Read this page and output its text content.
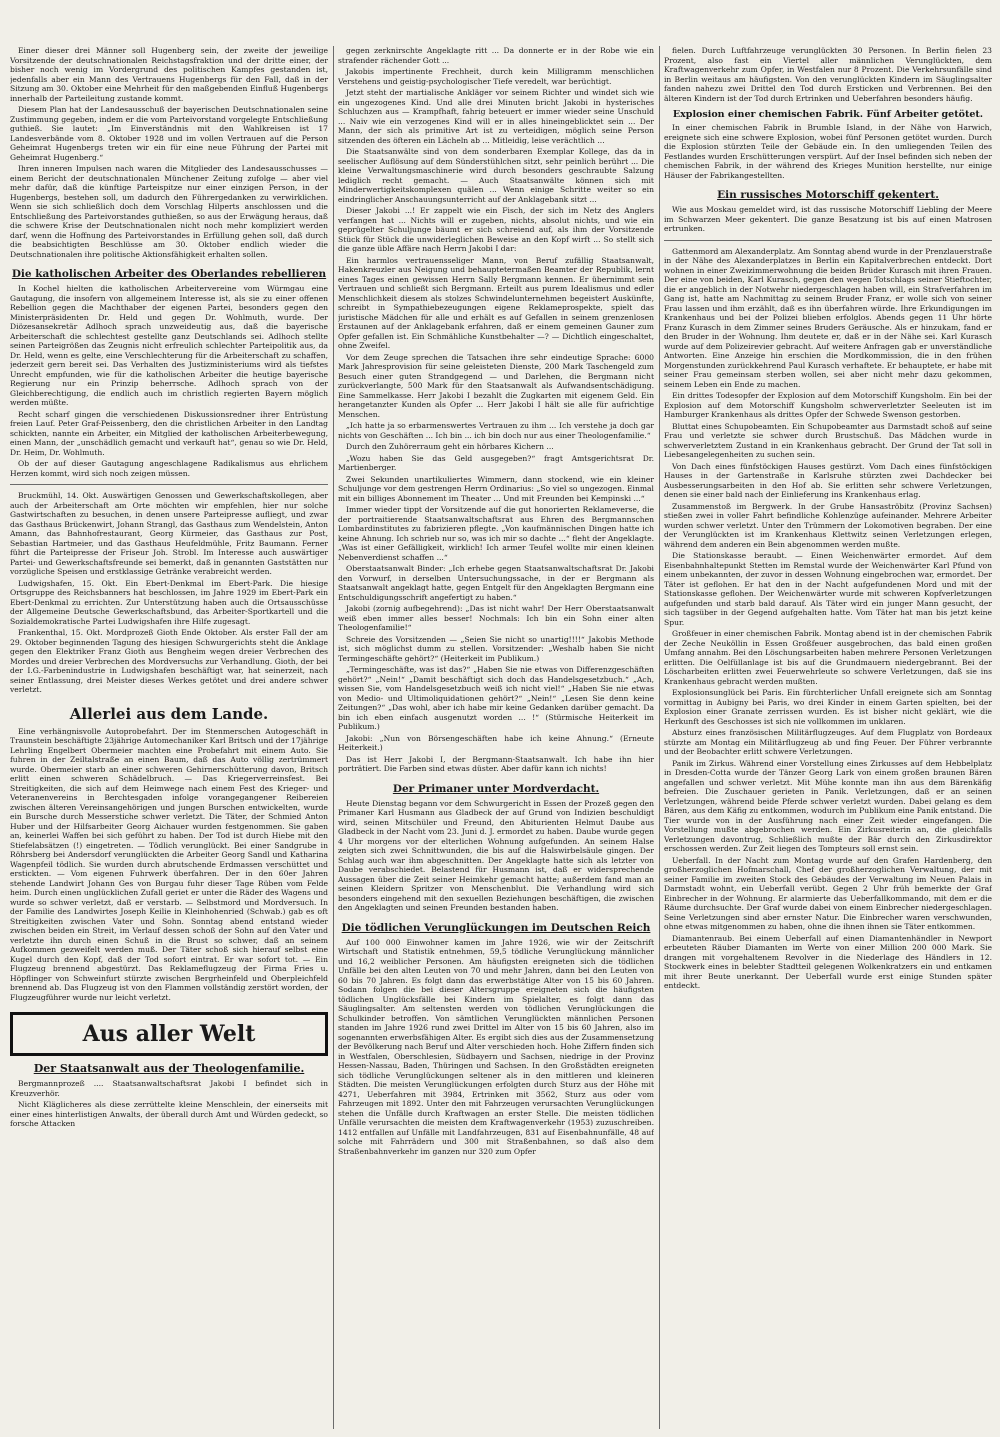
Einer dieser drei Männer soll Hugenberg sein, der zweite der jeweilige Vorsitzende der deutschnationalen Reichstagsfraktion und der dritte einer, der bisher noch wenig im Vordergrund des politischen Kampfes gestanden ist, jedenfalls aber ein Mann des Vertrauens Hugenbergs für den Fall, daß in der Sitzung am 30. Oktober eine Mehrheit für den maßgebenden Einfluß Hugenbergs innerhalb der Parteileitung zustande kommt.

Diesem Plan hat der Landesausschuß der bayerischen Deutschnationalen seine Zustimmung gegeben, indem er die vom Parteivorstand vorgelegte Entschließung guthieß. Sie lautet: „Im Einverständnis mit den Wahlkreisen ist 17 Landesverbände vom 8. Oktober 1928 und im vollen Vertrauen auf die Person Geheimrat Hugenbergs treten wir ein für eine neue Führung der Partei mit Geheimrat Hugenberg.“

Ihren inneren Impulsen nach waren die Mitglieder des Landesausschusses — einem Bericht der deutschnationalen Münchener Zeitung zufolge — aber viel mehr dafür, daß die künftige Parteispitze nur einer einzigen Person, in der Hugenbergs, bestehen soll, um dadurch den Führergedanken zu verwirklichen. Wenn sie sich schließlich doch dem Vorschlag Hilperts anschlossen und die Entschließung des Parteivorstandes guthießen, so aus der Erwägung heraus, daß die schwere Krise der Deutschnationalen nicht noch mehr kompliziert werden darf, wenn die Hoffnung des Parteivorstandes in Erfüllung gehen soll, daß durch die beabsichtigten Beschlüsse am 30. Oktober endlich wieder die Deutschnationalen ihre politische Aktionsfähigkeit erhalten sollen.

Die katholischen Arbeiter des Oberlandes rebellieren

In Kochel hielten die katholischen Arbeitervereine vom Würmgau eine Gautagung, die insofern von allgemeinem Interesse ist, als sie zu einer offenen Rebellion gegen die Machthaber der eigenen Partei, besonders gegen den Ministerpräsidenten Dr. Held und gegen Dr. Wohlmuth, wurde. Der Diözesansekretär Adlhoch sprach unzweideutig aus, daß die bayerische Arbeiterschaft die schlechtest gestellte ganz Deutschlands sei. Adlhoch stellte seinen Parteigrößen das Zeugnis nicht erfreulich schlechter Parteipolitik aus, da Dr. Held, wenn es gelte, eine Verschlechterung für die Arbeiterschaft zu schaffen, jederzeit gern bereit sei. Das Verhalten des Justizministeriums wird als tiefstes Unrecht empfunden, wie für die katholischen Arbeiter die heutige bayerische Regierung nur ein Prinzip beherrsche. Adlhoch sprach von der Gleichberechtigung, die endlich auch im christlich regierten Bayern möglich werden müßte.

Recht scharf gingen die verschiedenen Diskussionsredner ihrer Entrüstung freien Lauf. Peter Graf-Peissenberg, den die christlichen Arbeiter in den Landtag schickten, nannte ein Arbeiter, ein Mitglied der katholischen Arbeiterbewegung, einen Mann, der „unschädlich gemacht und verkauft hat“, genau so wie Dr. Held, Dr. Heim, Dr. Wohlmuth.

Ob der auf dieser Gautagung angeschlagene Radikalismus aus ehrlichem Herzen kommt, wird sich noch zeigen müssen.

Bruckmühl, 14. Okt. Auswärtigen Genossen und Gewerkschaftskollegen, aber auch der Arbeiterschaft am Orte möchten wir empfehlen, hier nur solche Gastwirtschaften zu besuchen, in denen unsere Parteipresse aufliegt, und zwar das Gasthaus Brückenwirt, Johann Strangl, das Gasthaus zum Wendelstein, Anton Amann, das Bahnhofrestaurant, Georg Kürmeier, das Gasthaus zur Post, Sebastian Hartmeier, und das Gasthaus Heufeldmühle, Fritz Baumann. Ferner führt die Parteipresse der Friseur Joh. Strobl. Im Interesse auch auswärtiger Partei- und Gewerkschaftsfreunde sei bemerkt, daß in genannten Gaststätten nur vorzügliche Speisen und erstklassige Getränke verabreicht werden.

Ludwigshafen, 15. Okt. Ein Ebert-Denkmal im Ebert-Park. Die hiesige Ortsgruppe des Reichsbanners hat beschlossen, im Jahre 1929 im Ebert-Park ein Ebert-Denkmal zu errichten. Zur Unterstützung haben auch die Ortsausschüsse der Allgemeine Deutsche Gewerkschaftsbund, das Arbeiter-Sportkartell und die Sozialdemokratische Partei Ludwigshafen ihre Hilfe zugesagt.

Frankenthal, 15. Okt. Mordprozeß Gioth Ende Oktober. Als erster Fall der am 29. Oktober beginnenden Tagung des hiesigen Schwurgerichts steht die Anklage gegen den Elektriker Franz Gioth aus Bengheim wegen dreier Verbrechen des Mordes und dreier Verbrechen des Mordversuchs zur Verhandlung. Gioth, der bei der I.G.-Farbenindustrie in Ludwigshafen beschäftigt war, hat seinerzeit, nach seiner Entlassung, drei Meister dieses Werkes getötet und drei andere schwer verletzt.

Allerlei aus dem Lande.

Eine verhängnisvolle Autoprobefahrt. Der im Stenmerschen Autogeschäft in Traunstein beschäftigte 23jährige Automechaniker Karl Britsch und der 17jährige Lehrling Engelbert Obermeier machten eine Probefahrt mit einem Auto. Sie fuhren in der Zeiltalstraße an einen Baum, daß das Auto völlig zertrümmert wurde. Obermeier starb an einer schweren Gehirnerschütterung davon, Britsch erlitt einen schweren Schädelbruch. — Das Kriegerverreinsfest. Bei Streitigkeiten, die sich auf dem Heimwege nach einem Fest des Krieger- und Veteranenvereins in Berchtesgaden infolge vorangegangener Reibereien zwischen älteren Vereinsangehörigen und jungen Burschen entwickelten, wurde ein Bursche durch Messerstiche schwer verletzt. Die Täter, der Schmied Anton Huber und der Hilfsarbeiter Georg Aichauer wurden festgenommen. Sie gaben an, keinerlei Waffen bei sich geführt zu haben. Der Tod ist durch Hiebe mit den Stiefelabsätzen (!) eingetreten. — Tödlich verunglückt. Bei einer Sandgrube in Röhrsberg bei Andersdorf verunglückten die Arbeiter Georg Sandl und Katharina Wagenpfeil tödlich. Sie wurden durch abrutschende Erdmassen verschüttet und erstickten. — Vom eigenen Fuhrwerk überfahren. Der in den 60er Jahren stehende Landwirt Johann Ges von Burgau fuhr dieser Tage Rüben vom Felde heim. Durch einen unglücklichen Zufall geriet er unter die Räder des Wagens und wurde so schwer verletzt, daß er verstarb. — Selbstmord und Mordversuch. In der Familie des Landwirtes Joseph Keilie in Kleinhohenried (Schwab.) gab es oft Streitigkeiten zwischen Vater und Sohn. Sonntag abend entstand wieder zwischen beiden ein Streit, im Verlauf dessen schoß der Sohn auf den Vater und verletzte ihn durch einen Schuß in die Brust so schwer, daß an seinem Aufkommen gezweifelt werden muß. Der Täter schoß sich hierauf selbst eine Kugel durch den Kopf, daß der Tod sofort eintrat. Er war sofort tot. — Ein Flugzeug brennend abgestürzt. Das Reklameflugzeug der Firma Fries u. Höpflinger von Schweinfurt stürzte zwischen Bergrheinfeld und Oberpleichfeld brennend ab. Das Flugzeug ist von den Flammen vollständig zerstört worden, der Flugzeugführer wurde nur leicht verletzt.

Aus aller Welt
Der Staatsanwalt aus der Theologenfamilie.

Bergmannprozeß .... Staatsanwaltschaftsrat Jakobi I befindet sich in Kreuzverhör.

Nicht Kläglicheres als diese zerrüttelte kleine Menschlein, der einerseits mit einer eines hinterlistigen Anwalts, der überall durch Amt und Würden gedeckt, so forsche Attacken

gegen zerknirschte Angeklagte ritt ... Da donnerte er in der Robe wie ein strafender rächender Gott ...

Jakobis impertinente Frechheit, durch kein Milligramm menschlichen Verstehens und geistig-psychologischer Tiefe veredelt, war berüchtigt.

Jetzt steht der martialische Ankläger vor seinem Richter und windet sich wie ein ungezogenes Kind. Und alle drei Minuten bricht Jakobi in hysterisches Schluchzen aus — Krampfhaft, fahrig beteuert er immer wieder seine Unschuld ... Naiv wie ein verzogenes Kind will er in alles hineingeblicktet sein ... Der Mann, der sich als primitive Art ist zu verteidigen, möglich seine Person sitzenden des öfteren ein Lächeln ab ... Mitleidig, leise verächtlich ...

Die Staatsanwälte sind von dem sonderbaren Exemplar Kollege, das da in seelischer Auflösung auf dem Sünderstühlchen sitzt, sehr peinlich berührt ... Die kleine Verwaltungsmaschinerie wird durch besonders geschraubte Salzung lediglich recht gemacht. — Auch Staatsanwälte können sich mit Minderwertigkeitskomplexen quälen ... Wenn einige Schritte weiter so ein eindringlicher Anschauungsunterricht auf der Anklagebank sitzt ...

Dieser Jakobi ...! Er zappelt wie ein Fisch, der sich im Netz des Anglers verfangen hat ... Nichts will er zugeben, nichts, absolut nichts, und wie ein geprügelter Schuljunge bäumt er sich schreiend auf, als ihm der Vorsitzende Stück für Stück die unwiderleglichen Beweise an den Kopf wirft ... So stellt sich die ganze üble Affäre nach Herrn Jakobi I dar:

Ein harmlos vertrauensseliger Mann, von Beruf zufällig Staatsanwalt, Hakenkreuzler aus Neigung und behauptetermaßen Beamter der Republik, lernt eines Tages einen gewissen Herrn Sally Bergmann kennen. Er übernimmt sein Vertrauen und schließt sich Bergmann. Erteilt aus purem Idealismus und edler Menschlichkeit diesem als stolzes Schwindelunternehmen begeistert Auskünfte, schreibt in Sympathiebezeugungen eigene Reklameprospekte, spielt das juristische Mädchen für alle und erhält es auf Gefallen in seinem grenzenlosen Erstaunen auf der Anklagebank erfahren, daß er einem gemeinen Gauner zum Opfer gefallen ist. Ein Schmähliche Kunstbehalter —? — Dichtlich eingeschaltet, ohne Zweifel.

Vor dem Zeuge sprechen die Tatsachen ihre sehr eindeutige Sprache: 6000 Mark Jahresprovision für seine geleisteten Dienste, 200 Mark Taschengeld zum Besuch einer guten Strandgegend — und Darlehen, die Bergmann nicht zurückverlangte, 500 Mark für den Staatsanwalt als Aufwandsentschädigung. Eine Sammelkasse. Herr Jakobi I bezahlt die Zugkarten mit eigenem Geld. Ein herangetanzter Kunden als Opfer ... Herr Jakobi I hält sie alle für aufrichtige Menschen.

„Ich hatte ja so erbarmenswertes Vertrauen zu ihm ... Ich verstehe ja doch gar nichts von Geschäften ... Ich bin ... ich bin doch nur aus einer Theologenfamilie.“

Durch den Zuhörerraum geht ein hörbares Kichern ...

„Wozu haben Sie das Geld ausgegeben?“ fragt Amtsgerichtsrat Dr. Martienberger.

Zwei Sekunden unartikuliertes Wimmern, dann stockend, wie ein kleiner Schuljunge vor dem gestrengen Herrn Ordinarius: „So viel so ungezogen. Einmal mit ein billiges Abonnement im Theater ... Und mit Freunden bei Kempinski ...“

Immer wieder tippt der Vorsitzende auf die gut honorierten Reklameverse, die der portraitierende Staatsanwaltschaftsrat aus Ehren des Bergmannschen Lombardinstitutes zu fabrizieren pflegte. „Von kaufmännischen Dingen hatte ich keine Ahnung. Ich schrieb nur so, was ich mir so dachte ...“ fleht der Angeklagte. „Was ist einer Gefälligkeit, wirklich! Ich armer Teufel wollte mir einen kleinen Nebenverdienst schaffen ...“

Oberstaatsanwalt Binder: „Ich erhebe gegen Staatsanwaltschaftsrat Dr. Jakobi den Vorwurf, in derselben Untersuchungssache, in der er Bergmann als Staatsanwalt angeklagt hatte, gegen Entgelt für den Angeklagten Bergmann eine Entschuldigungsschrift angefertigt zu haben.“

Jakobi (zornig aufbegehrend): „Das ist nicht wahr! Der Herr Oberstaatsanwalt weiß eben immer alles besser! Nochmals: Ich bin ein Sohn einer alten Theologenfamilie!“

Schreie des Vorsitzenden — „Seien Sie nicht so unartig!!!!“ Jakobis Methode ist, sich möglichst dumm zu stellen. Vorsitzender: „Weshalb haben Sie nicht Termingeschäfte gehört?“ (Heiterkeit im Publikum.)

„Termingeschäfte, was ist das?“ „Haben Sie nie etwas von Differenzgeschäften gehört?“ „Nein!“ „Damit beschäftigt sich doch das Handelsgesetzbuch.“ „Ach, wissen Sie, vom Handelsgesetzbuch weiß ich nicht viel!“ „Haben Sie nie etwas von Medio- und Ultimoliquidationen gehört?“ „Nein!“ „Lesen Sie denn keine Zeitungen?“ „Das wohl, aber ich habe mir keine Gedanken darüber gemacht. Da bin ich eben einfach ausgenutzt worden ... !“ (Stürmische Heiterkeit im Publikum.)

Jakobi: „Nun von Börsengeschäften habe ich keine Ahnung.“ (Erneute Heiterkeit.)

Das ist Herr Jakobi I, der Bergmann-Staatsanwalt. Ich habe ihn hier porträtiert. Die Farben sind etwas düster. Aber dafür kann ich nichts!

Der Primaner unter Mordverdacht.

Heute Dienstag begann vor dem Schwurgericht in Essen der Prozeß gegen den Primaner Karl Husmann aus Gladbeck der auf Grund von Indizien beschuldigt wird, seinen Mitschüler und Freund, den Abiturienten Helmut Daube aus Gladbeck in der Nacht vom 23. Juni d. J. ermordet zu haben. Daube wurde gegen 4 Uhr morgens vor der elterlichen Wohnung aufgefunden. An seinem Halse zeigten sich zwei Schnittwunden, die bis auf die Halswirbelsäule gingen. Der Schlag auch war ihm abgeschnitten. Der Angeklagte hatte sich als letzter von Daube verabschiedet. Belastend für Husmann ist, daß er widersprechende Aussagen über die Zeit seiner Heimkehr gemacht hatte; außerdem fand man an seinen Kleidern Spritzer von Menschenblut. Die Verhandlung wird sich besonders eingehend mit den sexuellen Beziehungen beschäftigen, die zwischen den Angeklagten und seinen Freunden bestanden haben.

Die tödlichen Verunglückungen im Deutschen Reich

Auf 100 000 Einwohner kamen im Jahre 1926, wie wir der Zeitschrift Wirtschaft und Statistik entnehmen, 59,5 tödliche Verunglückung männlicher und 16,2 weiblicher Personen. Am häufigsten ereigneten sich die tödlichen Unfälle bei den alten Leuten von 70 und mehr Jahren, dann bei den Leuten von 60 bis 70 Jahren. Es folgt dann das erwerbstätige Alter von 15 bis 60 Jahren. Sodann folgen die bei dieser Altersgruppe ereigneten sich die häufigsten tödlichen Unglücksfälle bei Kindern im Spielalter, es folgt dann das Säuglingsalter. Am seltensten werden von tödlichen Verunglückungen die Schulkinder betroffen. Von sämtlichen Verunglückten männlichen Personen standen im Jahre 1926 rund zwei Drittel im Alter von 15 bis 60 Jahren, also im sogenannten erwerbsfähigen Alter. Es ergibt sich dies aus der Zusammensetzung der Bevölkerung nach Beruf und Alter verschieden hoch. Hohe Ziffern finden sich in Westfalen, Oberschlesien, Südbayern und Sachsen, niedrige in der Provinz Hessen-Nassau, Baden, Thüringen und Sachsen. In den Großstädten ereigneten sich tödliche Verunglückungen seltener als in den mittleren und kleineren Städten. Die meisten Verunglückungen erfolgten durch Sturz aus der Höhe mit 4271, Ueberfahren mit 3984, Ertrinken mit 3562, Sturz aus oder vom Fahrzeugen mit 1892. Unter den mit Fahrzeugen verursachten Verunglückungen stehen die Unfälle durch Kraftwagen an erster Stelle. Die meisten tödlichen Unfälle verursachten die meisten dem Kraftwagenverkehr (1953) zuzuschreiben. 1412 entfallen auf Unfälle mit Landfahrzeugen, 831 auf Eisenbahnunfälle, 48 auf solche mit Fahrrädern und 300 mit Straßenbahnen, so daß also dem Straßenbahnverkehr im ganzen nur 320 zum Opfer

fielen. Durch Luftfahrzeuge verunglückten 30 Personen. In Berlin fielen 23 Prozent, also fast ein Viertel aller männlichen Verunglückten, dem Kraftwagenverkehr zum Opfer, in Westfalen nur 8 Prozent. Die Verkehrsunfälle sind in Berlin weitaus am häufigsten. Von den verunglückten Kindern im Säuglingsalter fanden nahezu zwei Drittel den Tod durch Ersticken und Verbrennen. Bei den älteren Kindern ist der Tod durch Ertrinken und Ueberfahren besonders häufig.

Explosion einer chemischen Fabrik. Fünf Arbeiter getötet.

In einer chemischen Fabrik in Brumble Island, in der Nähe von Harwich, ereignete sich eine schwere Explosion, wobei fünf Personen getötet wurden. Durch die Explosion stürzten Teile der Gebäude ein. In den umliegenden Teilen des Festlandes wurden Erschütterungen verspürt. Auf der Insel befinden sich neben der chemischen Fabrik, in der während des Krieges Munition herstellte, nur einige Häuser der Fabrikangestellten.

Ein russisches Motorschiff gekentert.

Wie aus Moskau gemeldet wird, ist das russische Motorschiff Liebling der Meere im Schwarzen Meer gekentert. Die ganze Besatzung ist bis auf einen Matrosen ertrunken.

Gattenmord am Alexanderplatz. Am Sonntag abend wurde in der Prenzlauerstraße in der Nähe des Alexanderplatzes in Berlin ein Kapitalverbrechen entdeckt. Dort wohnen in einer Zweizimmerwohnung die beiden Brüder Kurasch mit ihren Frauen. Der eine von beiden, Karl Kurasch, gegen den wegen Totschlags seiner Stieftochter, die er angeblich in der Notwehr niedergeschlagen haben will, ein Strafverfahren im Gang ist, hatte am Nachmittag zu seinem Bruder Franz, er wolle sich von seiner Frau lassen und ihm erzählt, daß es ihn überfahren würde. Ihre Erkundigungen im Krankenhaus und bei der Polizei blieben erfolglos. Abends gegen 11 Uhr hörte Franz Kurasch in dem Zimmer seines Bruders Geräusche. Als er hinzukam, fand er den Bruder in der Wohnung. Ihm deutete er, daß er in der Nähe sei. Karl Kurasch wurde auf dem Polizeirevier gebracht. Auf weitere Anfragen gab er unverständliche Antworten. Eine Anzeige hin erschien die Mordkommission, die in den frühen Morgenstunden zurückkehrend Paul Kurasch verhaftete. Er behauptete, er habe mit seiner Frau gemeinsam sterben wollen, sei aber nicht mehr dazu gekommen, seinem Leben ein Ende zu machen.

Ein drittes Todesopfer der Explosion auf dem Motorschiff Kungsholm. Ein bei der Explosion auf dem Motorschiff Kungsholm schwerverletzter Seeleuten ist im Hamburger Krankenhaus als drittes Opfer der Schwede Swenson gestorben.

Bluttat eines Schupobeamten. Ein Schupobeamter aus Darmstadt schoß auf seine Frau und verletzte sie schwer durch Brustschuß. Das Mädchen wurde in schwerverletztem Zustand in ein Krankenhaus gebracht. Der Grund der Tat soll in Liebesangelegenheiten zu suchen sein.

Von Dach eines fünfstöckigen Hauses gestürzt. Vom Dach eines fünfstöckigen Hauses in der Gartenstraße in Karlsruhe stürzten zwei Dachdecker bei Ausbesserungsarbeiten in den Hof ab. Sie erlitten sehr schwere Verletzungen, denen sie einer bald nach der Einlieferung ins Krankenhaus erlag.

Zusammenstoß im Bergwerk. In der Grube Hansaströbitz (Provinz Sachsen) stießen zwei in voller Fahrt befindliche Kohlenzüge aufeinander. Mehrere Arbeiter wurden schwer verletzt. Unter den Trümmern der Lokomotiven begraben. Der eine der Verunglückten ist im Krankenhaus Klettwitz seinen Verletzungen erlegen, während dem anderen ein Bein abgenommen werden mußte.

Die Stationskasse beraubt. — Einen Weichenwärter ermordet. Auf dem Eisenbahnhaltepunkt Stetten im Remstal wurde der Weichenwärter Karl Pfund von einem unbekannten, der zuvor in dessen Wohnung eingebrochen war, ermordet. Der Täter ist geflohen. Er hat den in der Nacht aufgefundenen Mord und mit der Stationskasse geflohen. Der Weichenwärter wurde mit schweren Kopfverletzungen aufgefunden und starb bald darauf. Als Täter wird ein junger Mann gesucht, der sich tagsüber in der Gegend aufgehalten hatte. Vom Täter hat man bis jetzt keine Spur.

Großfeuer in einer chemischen Fabrik. Montag abend ist in der chemischen Fabrik der Zeche Neuköllin in Essen Großfeuer ausgebrochen, das bald einen großen Umfang annahm. Bei den Löschungsarbeiten haben mehrere Personen Verletzungen erlitten. Die Oelfüllanlage ist bis auf die Grundmauern niedergebrannt. Bei der Löscharbeiten erlitten zwei Feuerwehrleute so schwere Verletzungen, daß sie ins Krankenhaus gebracht werden mußten.

Explosionsunglück bei Paris. Ein fürchterlicher Unfall ereignete sich am Sonntag vormittag in Aubigny bei Paris, wo drei Kinder in einem Garten spielten, bei der Explosion einer Granate zerrissen wurden. Es ist bisher nicht geklärt, wie die Herkunft des Geschosses ist sich nie vollkommen im unklaren.

Absturz eines französischen Militärflugzeuges. Auf dem Flugplatz von Bordeaux stürzte am Montag ein Militärflugzeug ab und fing Feuer. Der Führer verbrannte und der Beobachter erlitt schwere Verletzungen.

Panik im Zirkus. Während einer Vorstellung eines Zirkusses auf dem Hebbelplatz in Dresden-Cotta wurde der Tänzer Georg Lark von einem großen braunen Bären angefallen und schwer verletzt. Mit Mühe konnte man ihn aus dem Bärenkäfig befreien. Die Zuschauer gerieten in Panik. Verletzungen, daß er an seinen Verletzungen, während beide Pferde schwer verletzt wurden. Dabei gelang es dem Bären, aus dem Käfig zu entkommen, wodurch im Publikum eine Panik entstand. Die Tier wurde von in der Ausführung nach einer Zeit wieder eingefangen. Die Vorstellung mußte abgebrochen werden. Ein Zirkusreiterin an, die gleichfalls Verletzungen davontrug, Schließlich mußte der Bär durch den Zirkusdirektor erschossen werden. Zur Zeit liegen des Tompteurs soll ernst sein.

Ueberfall. In der Nacht zum Montag wurde auf den Grafen Hardenberg, den großherzoglichen Hofmarschall, Chef der großherzoglichen Verwaltung, der mit seiner Familie im zweiten Stock des Gebäudes der Verwaltung im Neuen Palais in Darmstadt wohnt, ein Ueberfall verübt. Gegen 2 Uhr früh bemerkte der Graf Einbrecher in der Wohnung. Er alarmierte das Ueberfallkommando, mit dem er die Räume durchsuchte. Der Graf wurde dabei von einem Einbrecher niedergeschlagen. Seine Verletzungen sind aber ernster Natur. Die Einbrecher waren verschwunden, ohne etwas mitgenommen zu haben, ohne die ihnen ihnen sie Täter entkommen.

Diamantenraub. Bei einem Ueberfall auf einen Diamantenhändler in Newport erbeuteten Räuber Diamanten im Werte von einer Million 200 000 Mark. Sie drangen mit vorgehaltenem Revolver in die Niederlage des Händlers in 12. Stockwerk eines in belebter Stadtteil gelegenen Wolkenkratzers ein und entkamen mit ihrer Beute unerkannt. Der Ueberfall wurde erst einige Stunden später entdeckt.
